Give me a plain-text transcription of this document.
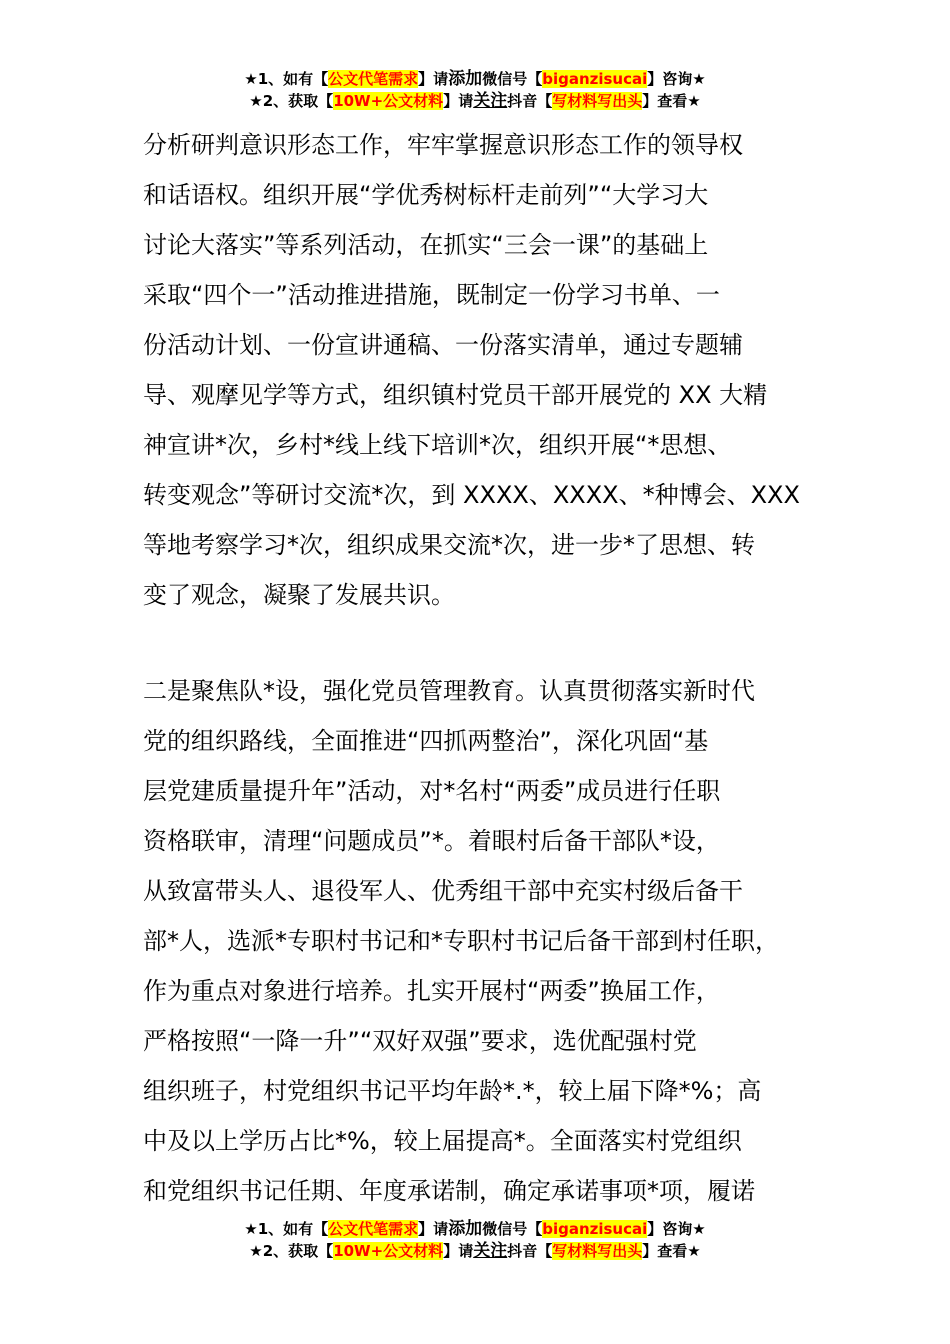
★1、如有【公文代笔需求】请添加微信号【biganzisucai】咨询★
★2、获取【10W+公文材料】请关注抖音【写材料写出头】查看★
分析研判意识形态工作，牢牢掌握意识形态工作的领导权
和话语权。组织开展“学优秀树标杆走前列”“大学习大
讨论大落实”等系列活动，在抓实“三会一课”的基础上
采取“四个一”活动推进措施，既制定一份学习书单、一
份活动计划、一份宣讲通稿、一份落实清单，通过专题辅
导、观摩见学等方式，组织镇村党员干部开展党的 XX 大精
神宣讲*次，乡村*线上线下培训*次，组织开展“*思想、
转变观念”等研讨交流*次，到 XXXX、XXXX、*种博会、XXX
等地考察学习*次，组织成果交流*次，进一步*了思想、转
变了观念，凝聚了发展共识。
二是聚焦队*设，强化党员管理教育。认真贯彻落实新时代
党的组织路线，全面推进“四抓两整治”，深化巩固“基
层党建质量提升年”活动，对*名村“两委”成员进行任职
资格联审，清理“问题成员”*。着眼村后备干部队*设，
从致富带头人、退役军人、优秀组干部中充实村级后备干
部*人，选派*专职村书记和*专职村书记后备干部到村任职，
作为重点对象进行培养。扎实开展村“两委”换届工作，
严格按照“一降一升”“双好双强”要求，选优配强村党
组织班子，村党组织书记平均年龄*.*，较上届下降*%；高
中及以上学历占比*%，较上届提高*。全面落实村党组织
和党组织书记任期、年度承诺制，确定承诺事项*项，履诺
★1、如有【公文代笔需求】请添加微信号【biganzisucai】咨询★
★2、获取【10W+公文材料】请关注抖音【写材料写出头】查看★
